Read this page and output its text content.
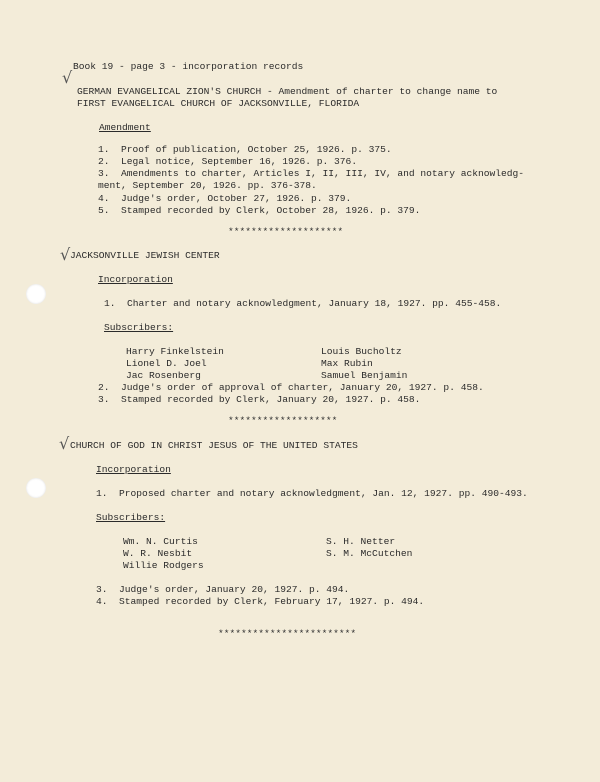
Book 19 - page 3 - incorporation records
√
GERMAN EVANGELICAL ZION'S CHURCH - Amendment of charter to change name to
FIRST EVANGELICAL CHURCH OF JACKSONVILLE, FLORIDA
Amendment
1.  Proof of publication, October 25, 1926. p. 375.
2.  Legal notice, September 16, 1926. p. 376.
3.  Amendments to charter, Articles I, II, III, IV, and notary acknowledg-
ment, September 20, 1926. pp. 376-378.
4.  Judge's order, October 27, 1926. p. 379.
5.  Stamped recorded by Clerk, October 28, 1926. p. 379.
********************
√ JACKSONVILLE JEWISH CENTER
Incorporation
1.  Charter and notary acknowledgment, January 18, 1927. pp. 455-458.
Subscribers:
Harry Finkelstein
Lionel D. Joel
Jac Rosenberg
Louis Bucholtz
Max Rubin
Samuel Benjamin
2.  Judge's order of approval of charter, January 20, 1927. p. 458.
3.  Stamped recorded by Clerk, January 20, 1927. p. 458.
*******************
√ CHURCH OF GOD IN CHRIST JESUS OF THE UNITED STATES
Incorporation
1.  Proposed charter and notary acknowledgment, Jan. 12, 1927. pp. 490-493.
Subscribers:
Wm. N. Curtis
W. R. Nesbit
Willie Rodgers
S. H. Netter
S. M. McCutchen
3.  Judge's order, January 20, 1927. p. 494.
4.  Stamped recorded by Clerk, February 17, 1927. p. 494.
************************
